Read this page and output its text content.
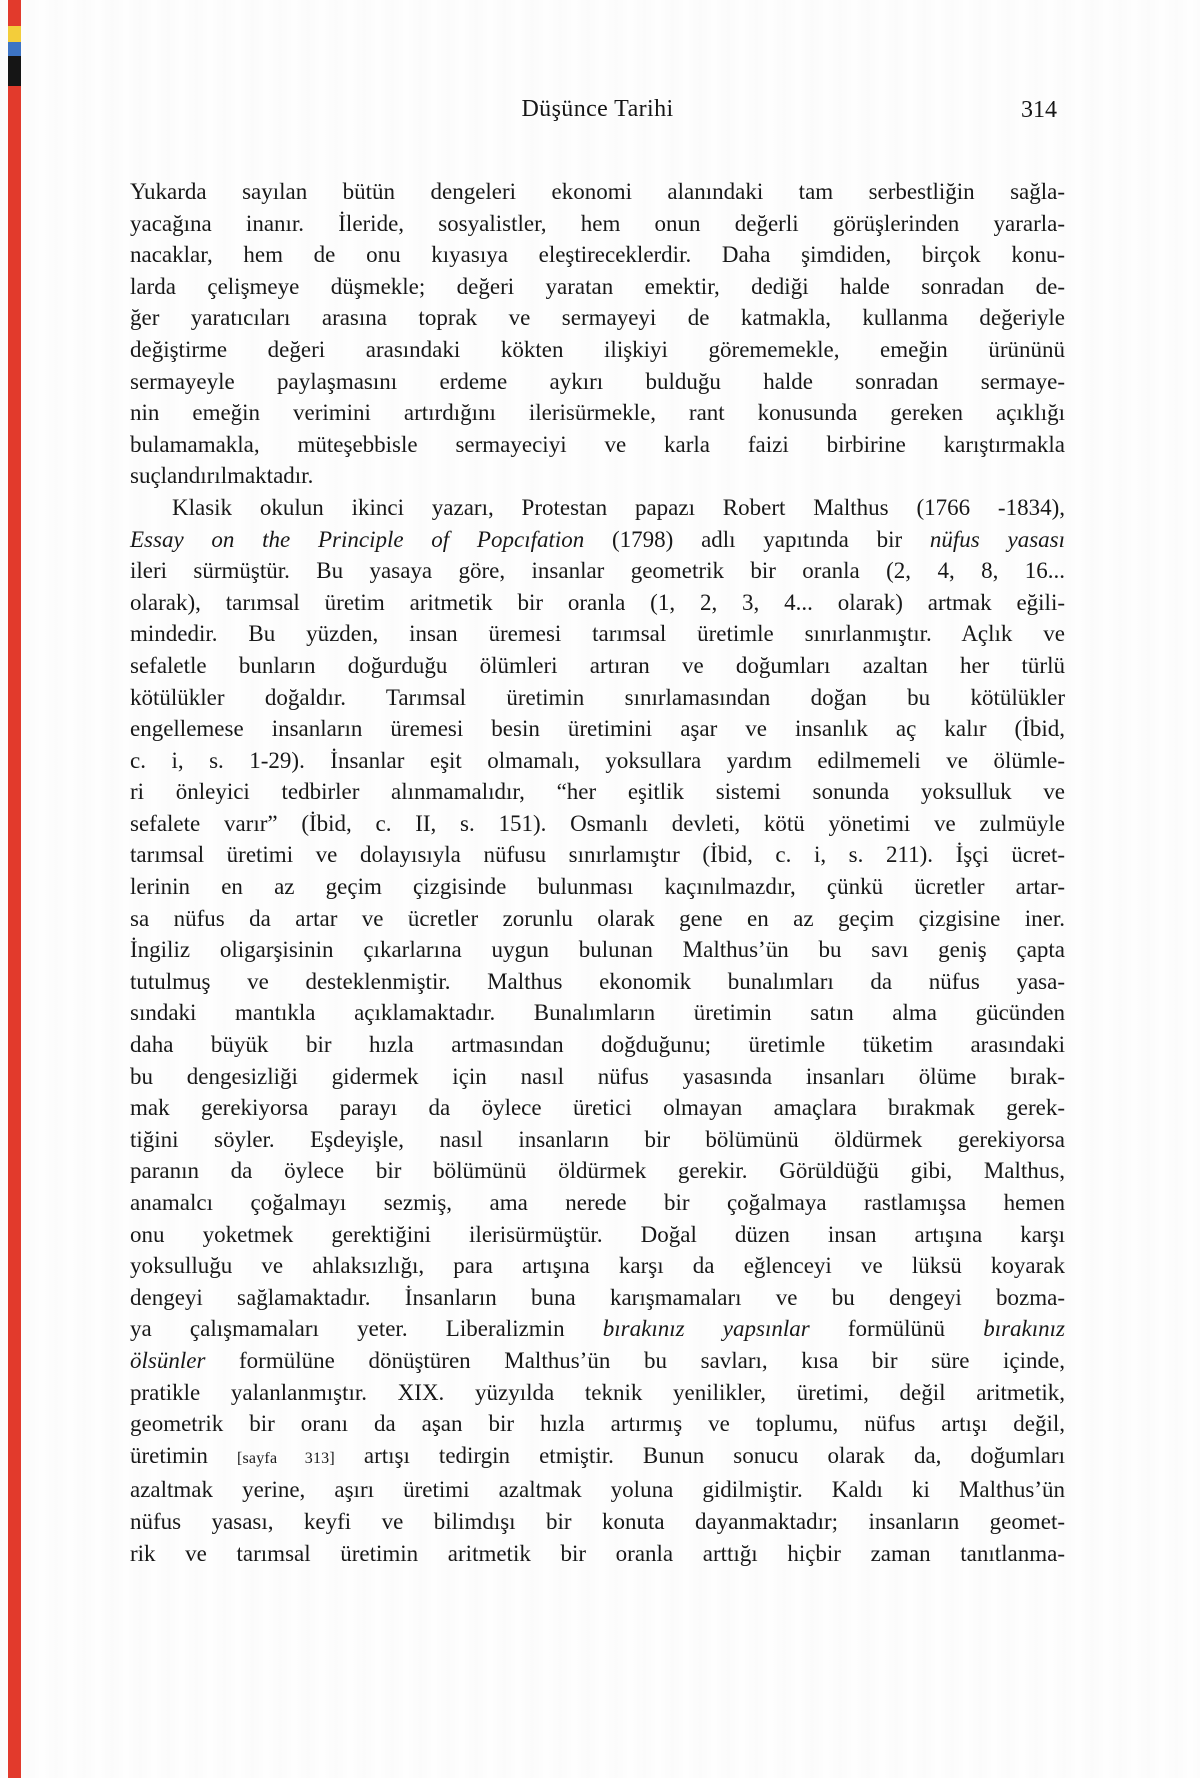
Düşünce Tarihi	314
Yukarda sayılan bütün dengeleri ekonomi alanındaki tam serbestliğin sağla-
yacağına inanır. İleride, sosyalistler, hem onun değerli görüşlerinden yararla-
nacaklar, hem de onu kıyasıya eleştireceklerdir. Daha şimdiden, birçok konu-
larda çelişmeye düşmekle; değeri yaratan emektir, dediği halde sonradan de-
ğer yaratıcıları arasına toprak ve sermayeyi de katmakla, kullanma değeriyle
değiştirme değeri arasındaki kökten ilişkiyi görememekle, emeğin ürününü
sermayeyle paylaşmasını erdeme aykırı bulduğu halde sonradan sermaye-
nin emeğin verimini artırdığını ilerisürmekle, rant konusunda gereken açıklığı
bulamamakla, müteşebbisle sermayeciyi ve karla faizi birbirine karıştırmakla
suçlandırılmaktadır.
Klasik okulun ikinci yazarı, Protestan papazı Robert Malthus (1766 -1834),
Essay on the Principle of Popcıfation (1798) adlı yapıtında bir nüfus yasası
ileri sürmüştür. Bu yasaya göre, insanlar geometrik bir oranla (2, 4, 8, 16...
olarak), tarımsal üretim aritmetik bir oranla (1, 2, 3, 4... olarak) artmak eğili-
mindedir. Bu yüzden, insan üremesi tarımsal üretimle sınırlanmıştır. Açlık ve
sefaletle bunların doğurduğu ölümleri artıran ve doğumları azaltan her türlü
kötülükler doğaldır. Tarımsal üretimin sınırlamasından doğan bu kötülükler
engellemese insanların üremesi besin üretimini aşar ve insanlık aç kalır (İbid,
c. i, s. 1-29). İnsanlar eşit olmamalı, yoksullara yardım edilmemeli ve ölümle-
ri önleyici tedbirler alınmamalıdır, “her eşitlik sistemi sonunda yoksulluk ve
sefalete varır” (İbid, c. II, s. 151). Osmanlı devleti, kötü yönetimi ve zulmüyle
tarımsal üretimi ve dolayısıyla nüfusu sınırlamıştır (İbid, c. i, s. 211). İşçi ücret-
lerinin en az geçim çizgisinde bulunması kaçınılmazdır, çünkü ücretler artar-
sa nüfus da artar ve ücretler zorunlu olarak gene en az geçim çizgisine iner.
İngiliz oligarşisinin çıkarlarına uygun bulunan Malthus’ün bu savı geniş çapta
tutulmuş ve desteklenmiştir. Malthus ekonomik bunalımları da nüfus yasa-
sındaki mantıkla açıklamaktadır. Bunalımların üretimin satın alma gücünden
daha büyük bir hızla artmasından doğduğunu; üretimle tüketim arasındaki
bu dengesizliği gidermek için nasıl nüfus yasasında insanları ölüme bırak-
mak gerekiyorsa parayı da öylece üretici olmayan amaçlara bırakmak gerek-
tiğini söyler. Eşdeyişle, nasıl insanların bir bölümünü öldürmek gerekiyorsa
paranın da öylece bir bölümünü öldürmek gerekir. Görüldüğü gibi, Malthus,
anamalcı çoğalmayı sezmiş, ama nerede bir çoğalmaya rastlamışsa hemen
onu yoketmek gerektiğini ilerisürmüştür. Doğal düzen insan artışına karşı
yoksulluğu ve ahlaksızlığı, para artışına karşı da eğlenceyi ve lüksü koyarak
dengeyi sağlamaktadır. İnsanların buna karışmamaları ve bu dengeyi bozma-
ya çalışmamaları yeter. Liberalizmin bırakınız yapsınlar formülünü bırakınız
ölsünler formülüne dönüştüren Malthus’ün bu savları, kısa bir süre içinde,
pratikle yalanlanmıştır. XIX. yüzyılda teknik yenilikler, üretimi, değil aritmetik,
geometrik bir oranı da aşan bir hızla artırmış ve toplumu, nüfus artışı değil,
üretimin [sayfa 313] artışı tedirgin etmiştir. Bunun sonucu olarak da, doğumları
azaltmak yerine, aşırı üretimi azaltmak yoluna gidilmiştir. Kaldı ki Malthus’ün
nüfus yasası, keyfi ve bilimdışı bir konuta dayanmaktadır; insanların geomet-
rik ve tarımsal üretimin aritmetik bir oranla arttığı hiçbir zaman tanıtlanma-
